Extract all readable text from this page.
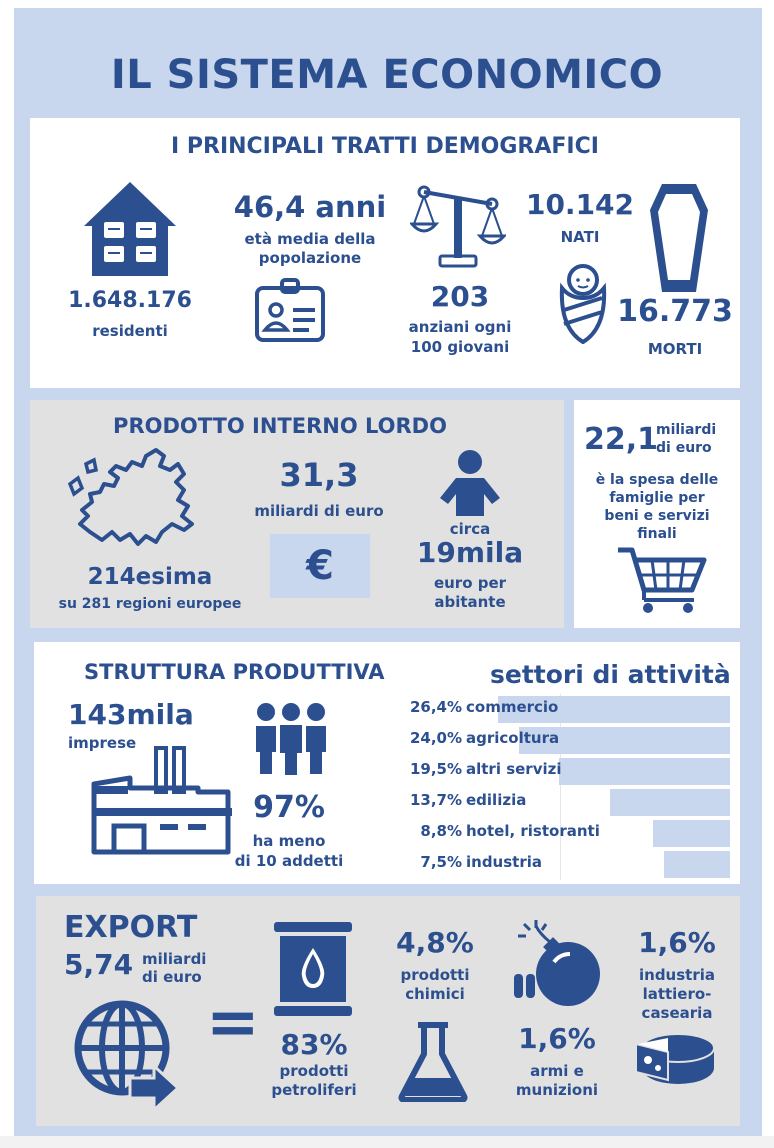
IL SISTEMA ECONOMICO
I PRINCIPALI TRATTI DEMOGRAFICI
1.648.176
residenti
46,4 anni
età media della
popolazione
203
anziani ogni
100 giovani
10.142
NATI
16.773
MORTI
PRODOTTO INTERNO LORDO
214esima
su 281 regioni europee
31,3
miliardi di euro
€
circa
19mila
euro per
abitante
22,1
miliardi
di euro
è la spesa delle
famiglie per
beni e servizi
finali
STRUTTURA PRODUTTIVA	settori di attività
143mila
imprese
97%
ha meno
di 10 addetti
26,4% commercio
24,0% agricoltura
19,5% altri servizi
13,7% edilizia
8,8% hotel, ristoranti
7,5% industria
EXPORT
5,74 miliardi
di euro
= 83%
prodotti
petroliferi
4,8%
prodotti
chimici
1,6%
armi e
munizioni
1,6%
industria
lattiero-
casearia
